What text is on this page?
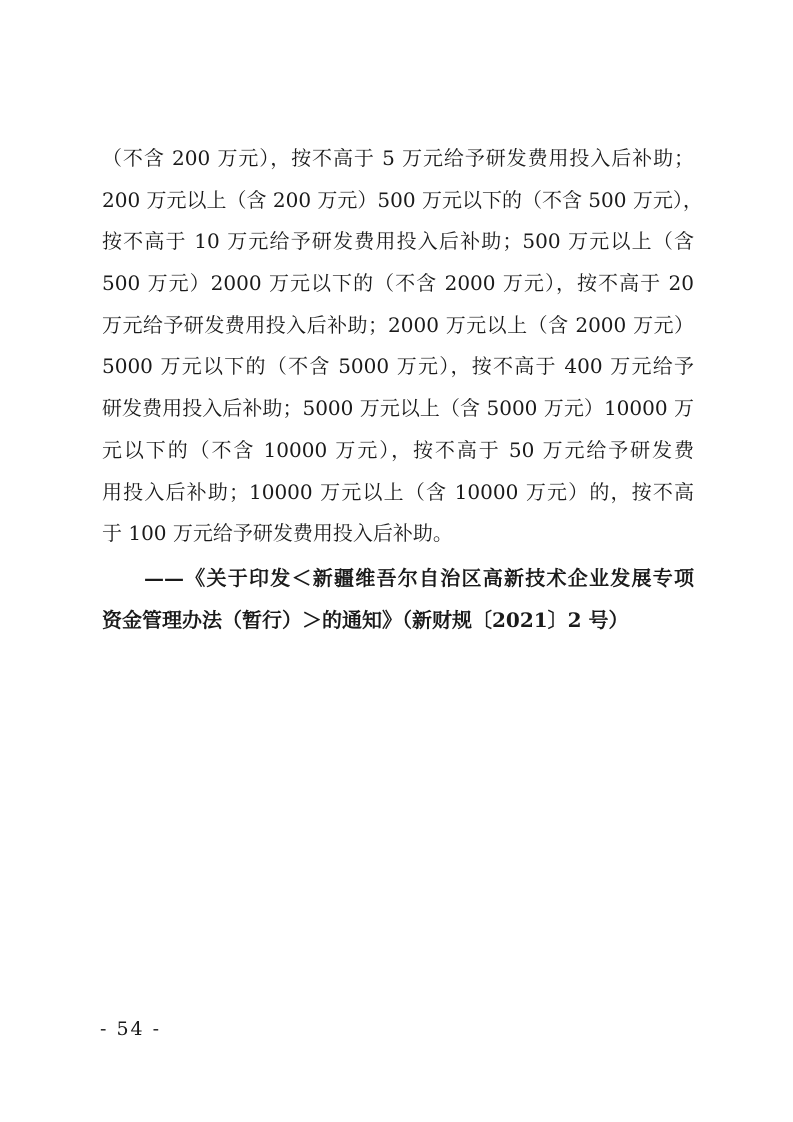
（不含 200 万元），按不高于 5 万元给予研发费用投入后补助；
200 万元以上（含 200 万元）500 万元以下的（不含 500 万元），
按不高于 10 万元给予研发费用投入后补助；500 万元以上（含
500 万元）2000 万元以下的（不含 2000 万元），按不高于 20
万元给予研发费用投入后补助；2000 万元以上（含 2000 万元）
5000 万元以下的（不含 5000 万元），按不高于 400 万元给予
研发费用投入后补助；5000 万元以上（含 5000 万元）10000 万
元以下的（不含 10000 万元），按不高于 50 万元给予研发费
用投入后补助；10000 万元以上（含 10000 万元）的，按不高
于 100 万元给予研发费用投入后补助。
——《关于印发＜新疆维吾尔自治区高新技术企业发展专项
资金管理办法（暂行）＞的通知》（新财规〔2021〕2 号）
- 54 -
